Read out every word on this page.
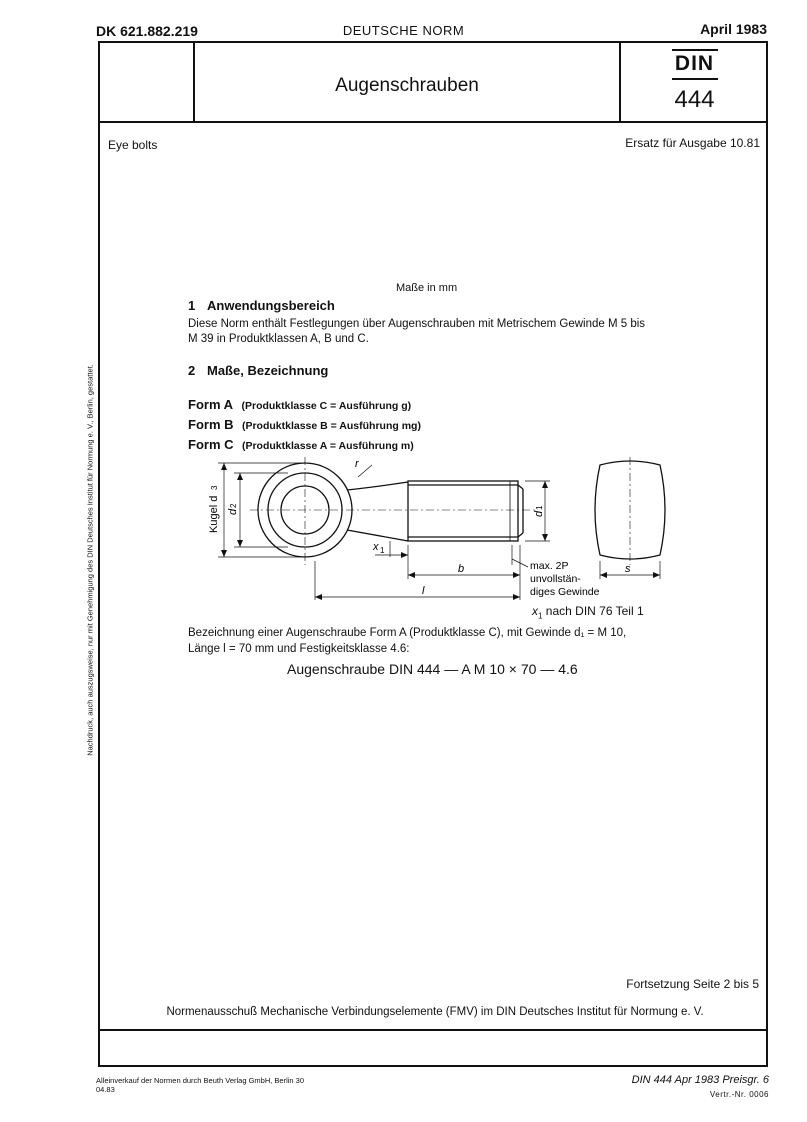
DK 621.882.219	DEUTSCHE NORM	April 1983
Nachdruck, auch auszugsweise, nur mit Genehmigung des DIN Deutsches Institut für Normung e. V., Berlin, gestattet.
Augenschrauben
DIN
444
Eye bolts	Ersatz für Ausgabe 10.81
Maße in mm
1 Anwendungsbereich
Diese Norm enthält Festlegungen über Augenschrauben mit Metrischem Gewinde M 5 bis
M 39 in Produktklassen A, B und C.
2 Maße, Bezeichnung
Form A (Produktklasse C = Ausführung g)
Form B (Produktklasse B = Ausführung mg)
Form C (Produktklasse A = Ausführung m)
Kugel d
3
d
2
d
1
r
x 1
b
l
s
max. 2P
unvollstän-
diges Gewinde
$x_1$ nach DIN 76 Teil 1
Bezeichnung einer Augenschraube Form A (Produktklasse C), mit Gewinde d₁ = M 10,
Länge l = 70 mm und Festigkeitsklasse 4.6:
Augenschraube DIN 444 — A M 10 × 70 — 4.6
Fortsetzung Seite 2 bis 5
Normenausschuß Mechanische Verbindungselemente (FMV) im DIN Deutsches Institut für Normung e. V.
Alleinverkauf der Normen durch Beuth Verlag GmbH, Berlin 30
04.83
DIN 444 Apr 1983 Preisgr. 6
Vertr.-Nr. 0006
